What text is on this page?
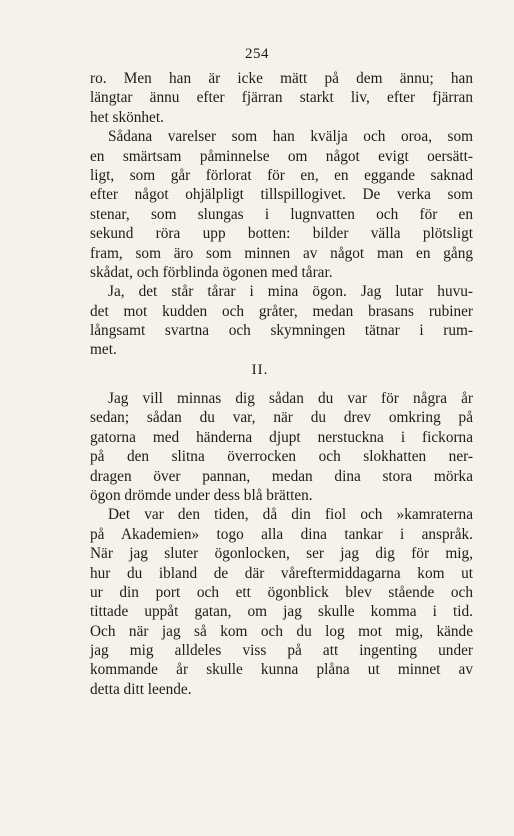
254
ro. Men han är icke mätt på dem ännu; han
längtar ännu efter fjärran starkt liv, efter fjärran
het skönhet.
Sådana varelser som han kvälja och oroa, som
en smärtsam påminnelse om något evigt oersätt-
ligt, som går förlorat för en, en eggande saknad
efter något ohjälpligt tillspillogivet. De verka som
stenar, som slungas i lugnvatten och för en
sekund röra upp botten: bilder välla plötsligt
fram, som äro som minnen av något man en gång
skådat, och förblinda ögonen med tårar.
Ja, det står tårar i mina ögon. Jag lutar huvu-
det mot kudden och gråter, medan brasans rubiner
långsamt svartna och skymningen tätnar i rum-
met.
II.
Jag vill minnas dig sådan du var för några år
sedan; sådan du var, när du drev omkring på
gatorna med händerna djupt nerstuckna i fickorna
på den slitna överrocken och slokhatten ner-
dragen över pannan, medan dina stora mörka
ögon drömde under dess blå brätten.
Det var den tiden, då din fiol och »kamraterna
på Akademien» togo alla dina tankar i anspråk.
När jag sluter ögonlocken, ser jag dig för mig,
hur du ibland de där våreftermiddagarna kom ut
ur din port och ett ögonblick blev stående och
tittade uppåt gatan, om jag skulle komma i tid.
Och när jag så kom och du log mot mig, kände
jag mig alldeles viss på att ingenting under
kommande år skulle kunna plåna ut minnet av
detta ditt leende.
